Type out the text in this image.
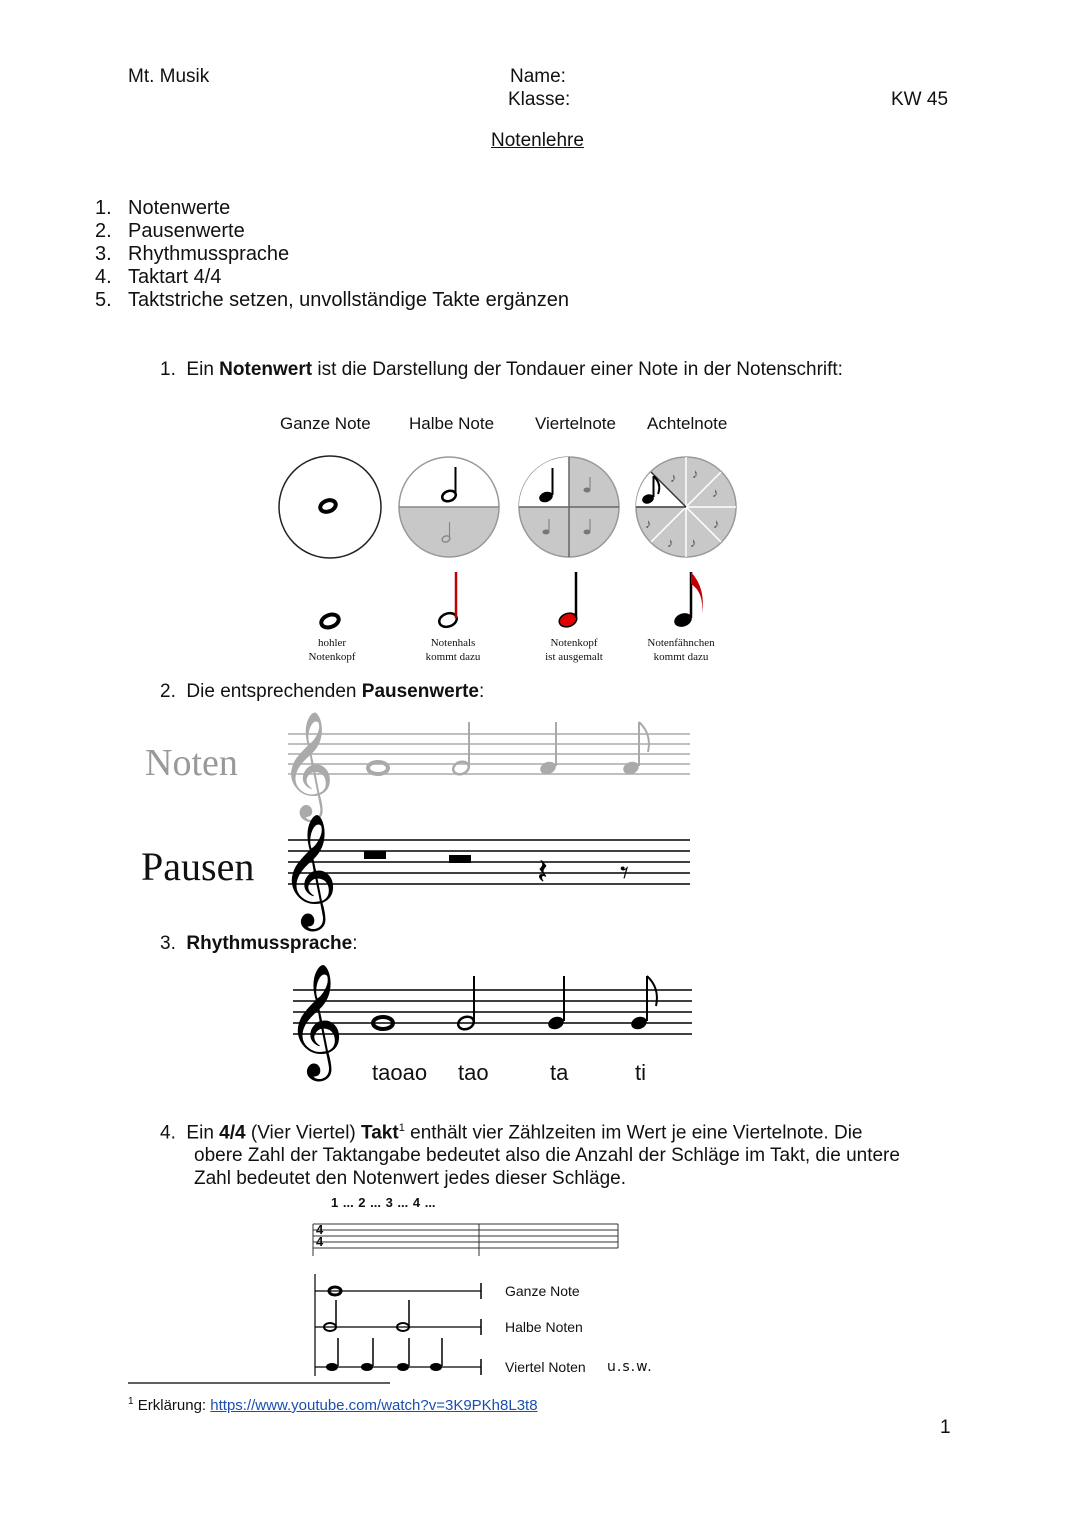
Mt. Musik	Name:
Klasse:	KW 45
Notenlehre
1. Notenwerte
2. Pausenwerte
3. Rhythmussprache
4. Taktart 4/4
5. Taktstriche setzen, unvollständige Takte ergänzen
1. Ein Notenwert ist die Darstellung der Tondauer einer Note in der Notenschrift:
Ganze Note Halbe Note Viertelnote Achtelnote
♪ ♪
♪
♪
♪
♪
♪
hohler
Notenkopf
Notenhals
kommt dazu
Notenkopf
ist ausgemalt
Notenfähnchen
kommt dazu
2. Die entsprechenden Pausenwerte:
Noten
Pausen
𝄞
𝄞	𝄽 𝄾
3. Rhythmussprache:
𝄞 taoao tao	ta	ti
4. Ein 4/4 (Vier Viertel) Takt$^1$ enthält vier Zählzeiten im Wert je eine Viertelnote. Die
obere Zahl der Taktangabe bedeutet also die Anzahl der Schläge im Takt, die untere
Zahl bedeutet den Notenwert jedes dieser Schläge.
1 ... 2 ... 3 ... 4 ...
4
4
Ganze Note
Halbe Noten
Viertel Noten u.s.w.
$^1$ Erklärung: https://www.youtube.com/watch?v=3K9PKh8L3t8
1
